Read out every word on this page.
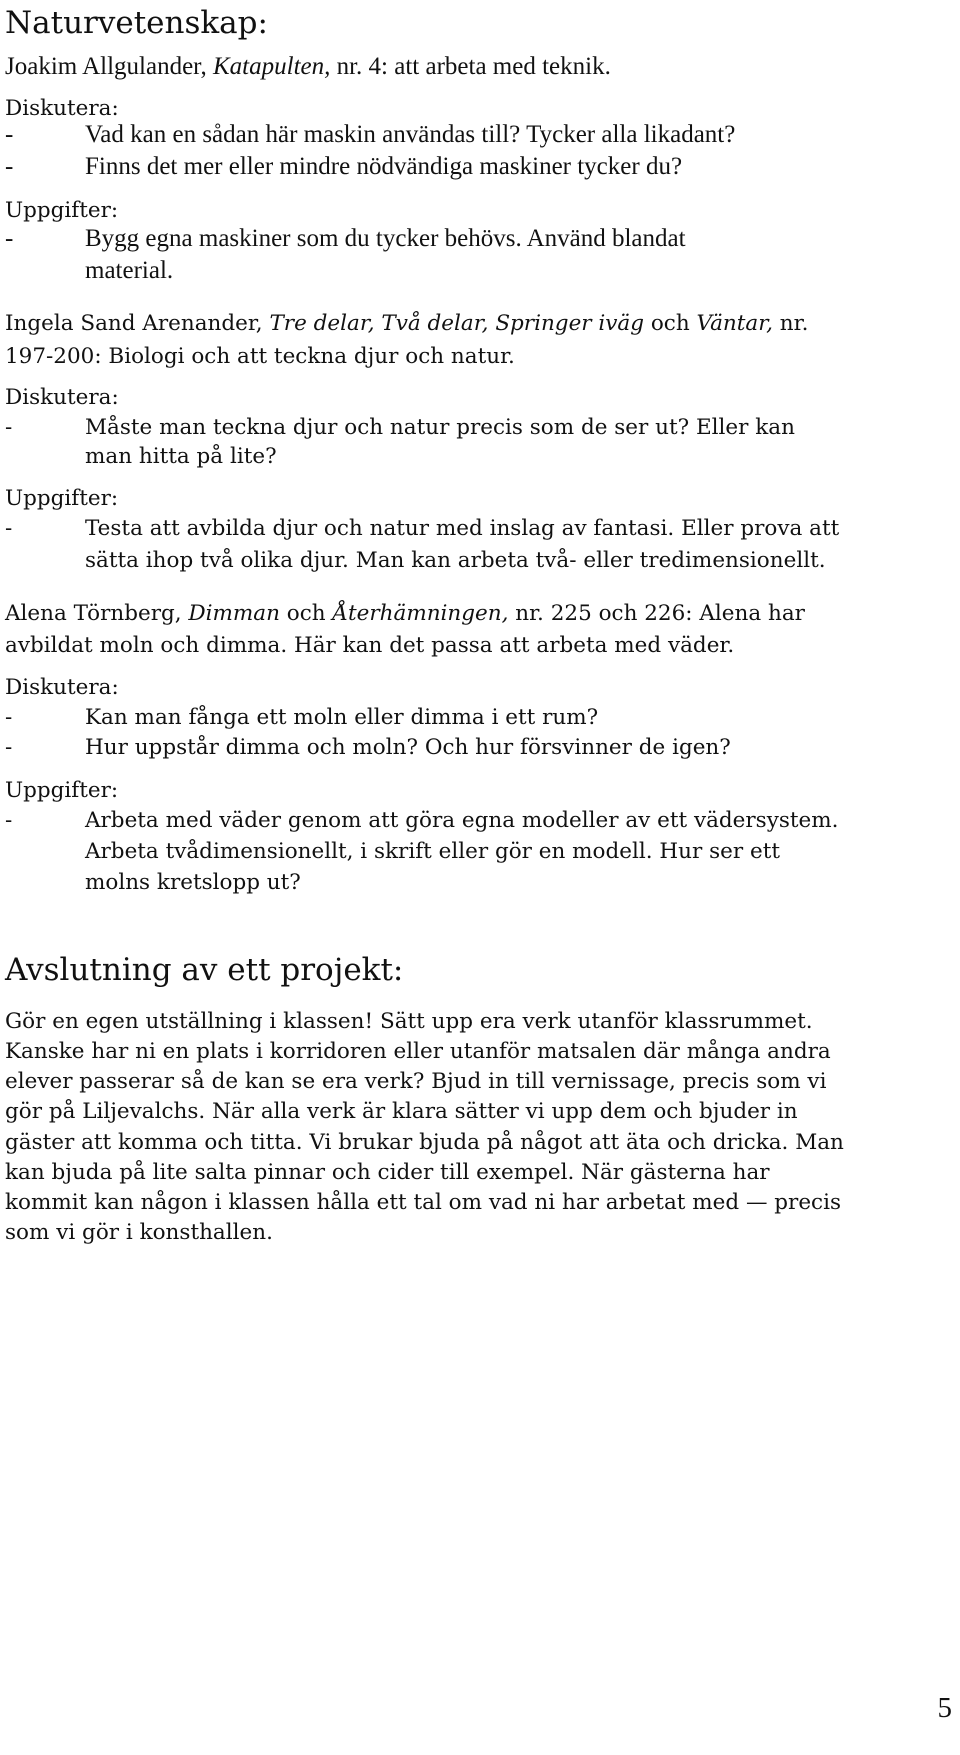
Naturvetenskap:
Joakim Allgulander, Katapulten, nr. 4: att arbeta med teknik.
Diskutera:
-	Vad kan en sådan här maskin användas till? Tycker alla likadant?
-	Finns det mer eller mindre nödvändiga maskiner tycker du?
Uppgifter:
-	Bygg egna maskiner som du tycker behövs. Använd blandat
material.
Ingela Sand Arenander, Tre delar, Två delar, Springer iväg och Väntar, nr.
197-200: Biologi och att teckna djur och natur.
Diskutera:
-	Måste man teckna djur och natur precis som de ser ut? Eller kan
man hitta på lite?
Uppgifter:
-	Testa att avbilda djur och natur med inslag av fantasi. Eller prova att
sätta ihop två olika djur. Man kan arbeta två- eller tredimensionellt.
Alena Törnberg, Dimman och Återhämningen, nr. 225 och 226: Alena har
avbildat moln och dimma. Här kan det passa att arbeta med väder.
Diskutera:
-	Kan man fånga ett moln eller dimma i ett rum?
-	Hur uppstår dimma och moln? Och hur försvinner de igen?
Uppgifter:
-	Arbeta med väder genom att göra egna modeller av ett vädersystem.
Arbeta tvådimensionellt, i skrift eller gör en modell. Hur ser ett
molns kretslopp ut?
Avslutning av ett projekt:
Gör en egen utställning i klassen! Sätt upp era verk utanför klassrummet.
Kanske har ni en plats i korridoren eller utanför matsalen där många andra
elever passerar så de kan se era verk? Bjud in till vernissage, precis som vi
gör på Liljevalchs. När alla verk är klara sätter vi upp dem och bjuder in
gäster att komma och titta. Vi brukar bjuda på något att äta och dricka. Man
kan bjuda på lite salta pinnar och cider till exempel. När gästerna har
kommit kan någon i klassen hålla ett tal om vad ni har arbetat med — precis
som vi gör i konsthallen.
5
